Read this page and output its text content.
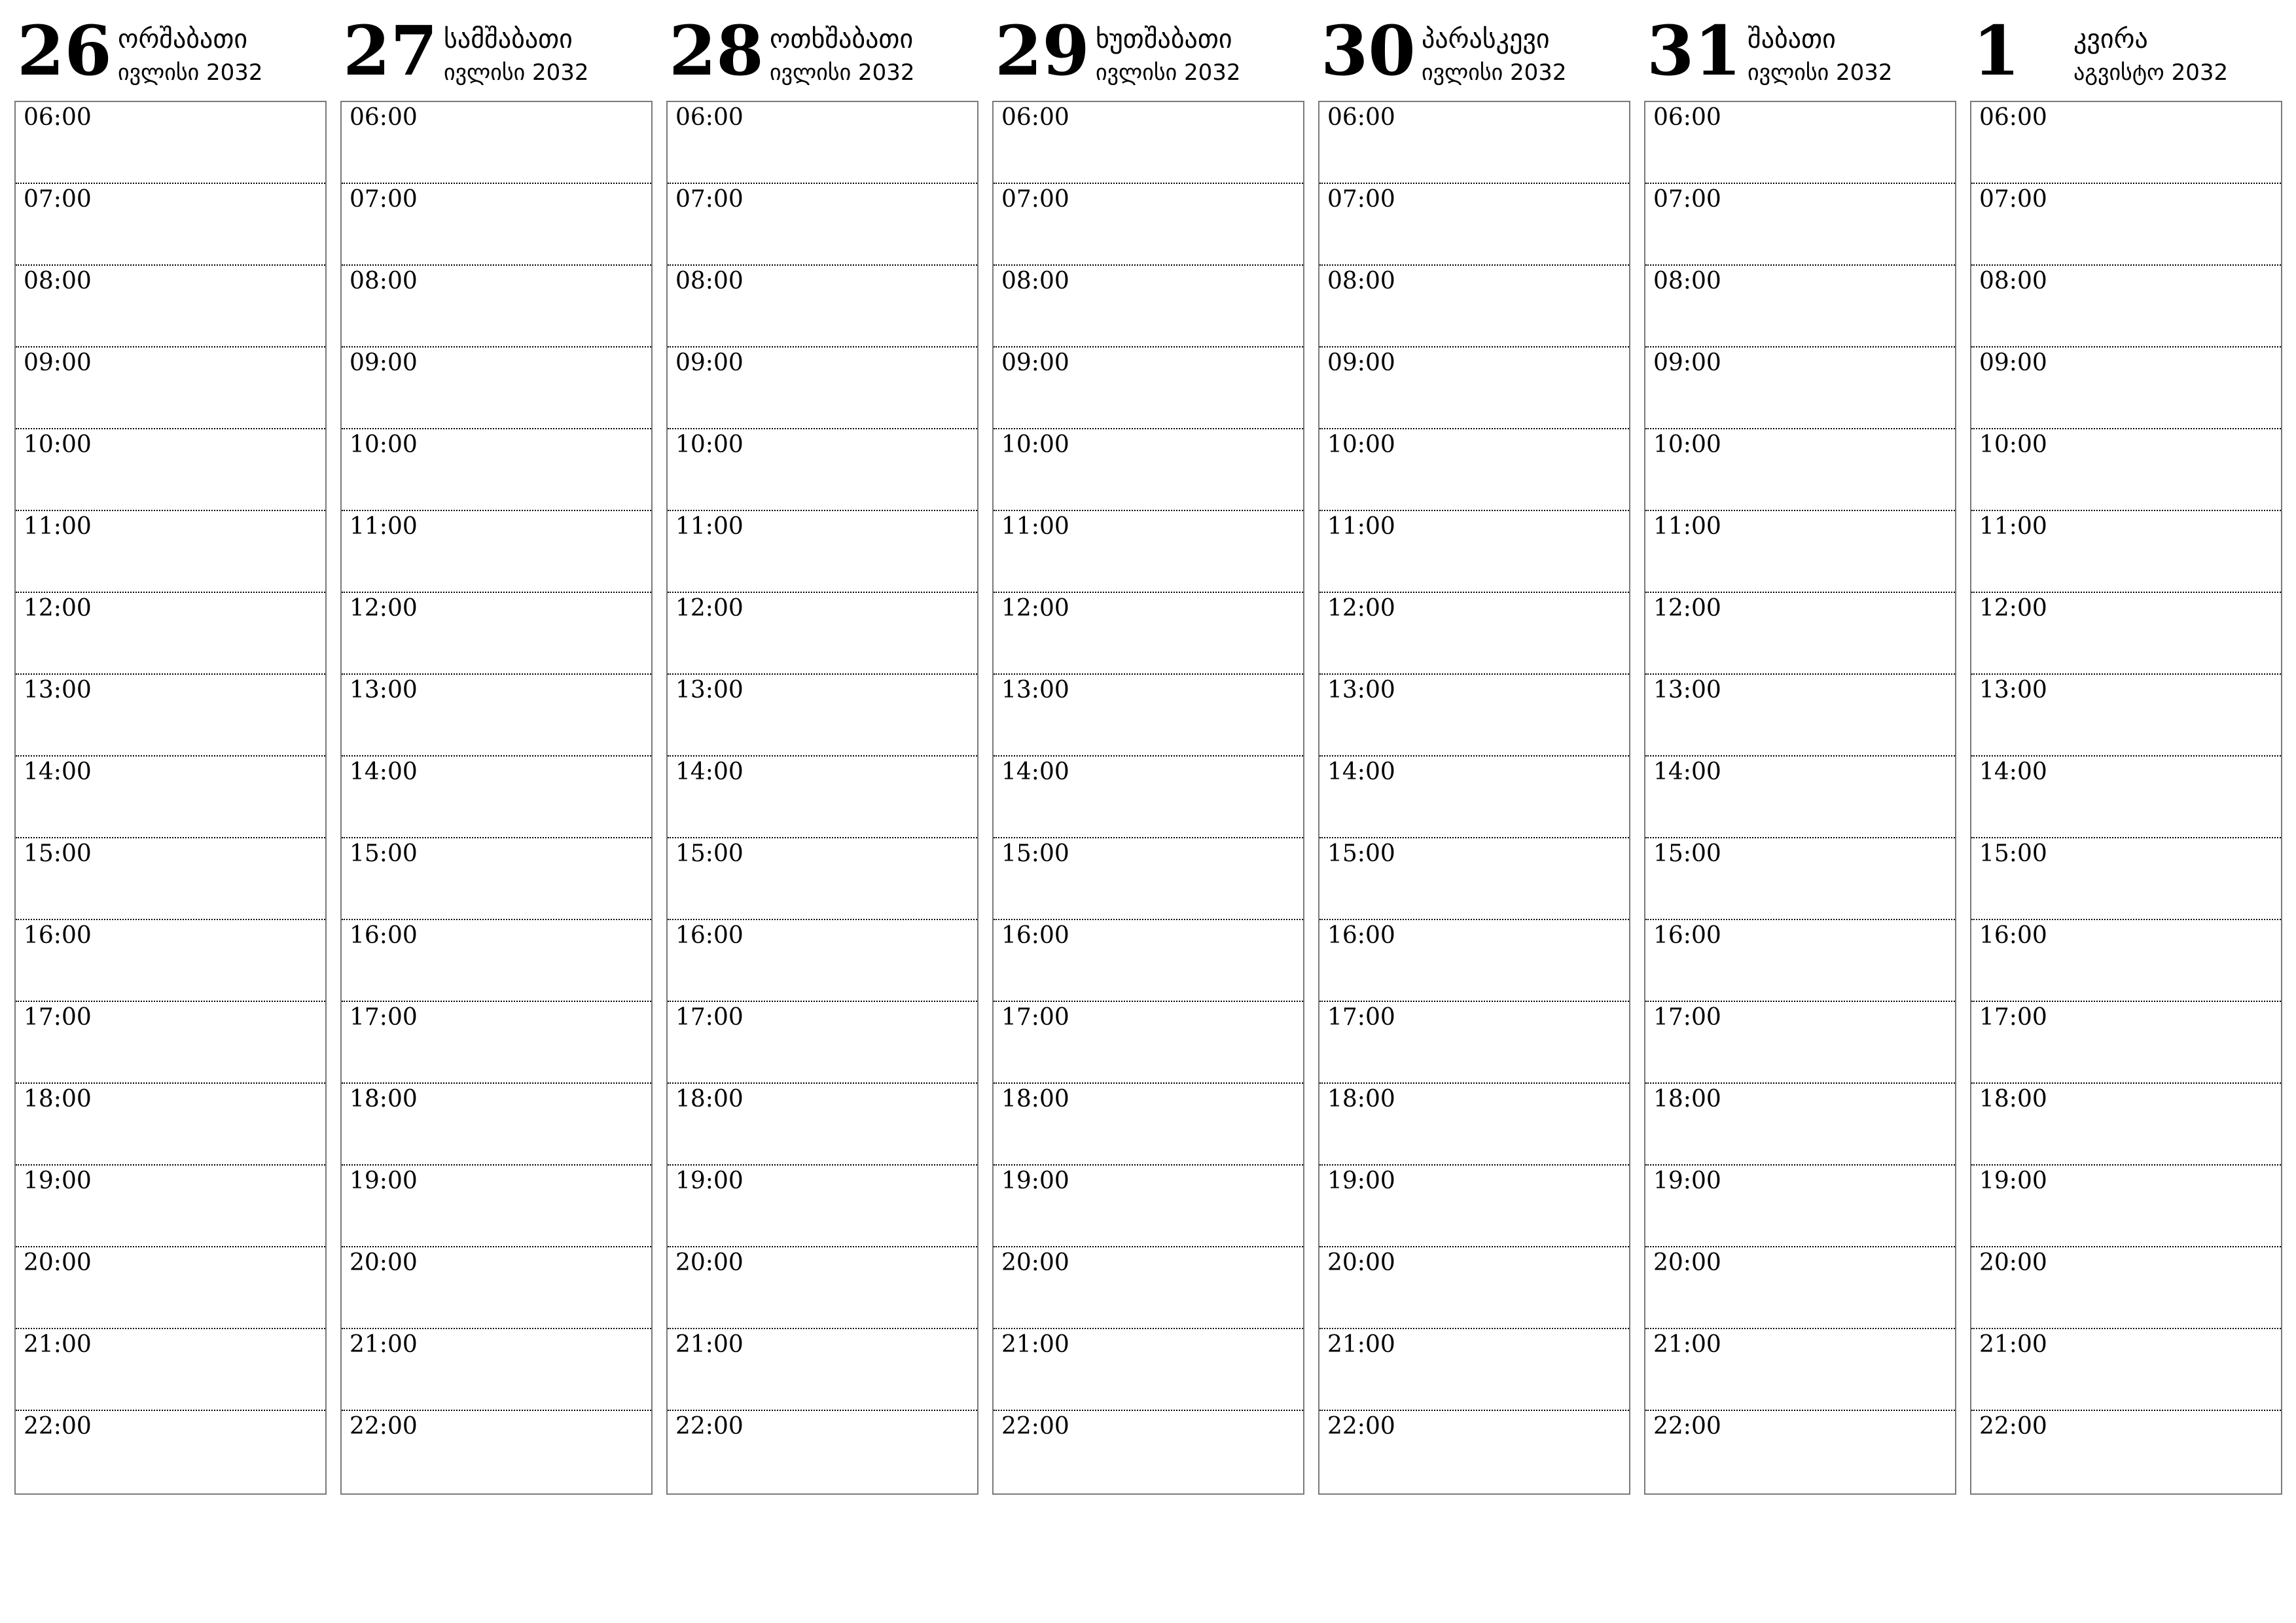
26 ორშაბათი
ივლისი 2032
06:00
07:00
08:00
09:00
10:00
11:00
12:00
13:00
14:00
15:00
16:00
17:00
18:00
19:00
20:00
21:00
22:00
27 სამშაბათი
ივლისი 2032
06:00
07:00
08:00
09:00
10:00
11:00
12:00
13:00
14:00
15:00
16:00
17:00
18:00
19:00
20:00
21:00
22:00
28 ოთხშაბათი
ივლისი 2032
06:00
07:00
08:00
09:00
10:00
11:00
12:00
13:00
14:00
15:00
16:00
17:00
18:00
19:00
20:00
21:00
22:00
29 ხუთშაბათი
ივლისი 2032
06:00
07:00
08:00
09:00
10:00
11:00
12:00
13:00
14:00
15:00
16:00
17:00
18:00
19:00
20:00
21:00
22:00
30 პარასკევი
ივლისი 2032
06:00
07:00
08:00
09:00
10:00
11:00
12:00
13:00
14:00
15:00
16:00
17:00
18:00
19:00
20:00
21:00
22:00
31 შაბათი
ივლისი 2032
06:00
07:00
08:00
09:00
10:00
11:00
12:00
13:00
14:00
15:00
16:00
17:00
18:00
19:00
20:00
21:00
22:00
1 კვირა
აგვისტო 2032
06:00
07:00
08:00
09:00
10:00
11:00
12:00
13:00
14:00
15:00
16:00
17:00
18:00
19:00
20:00
21:00
22:00
